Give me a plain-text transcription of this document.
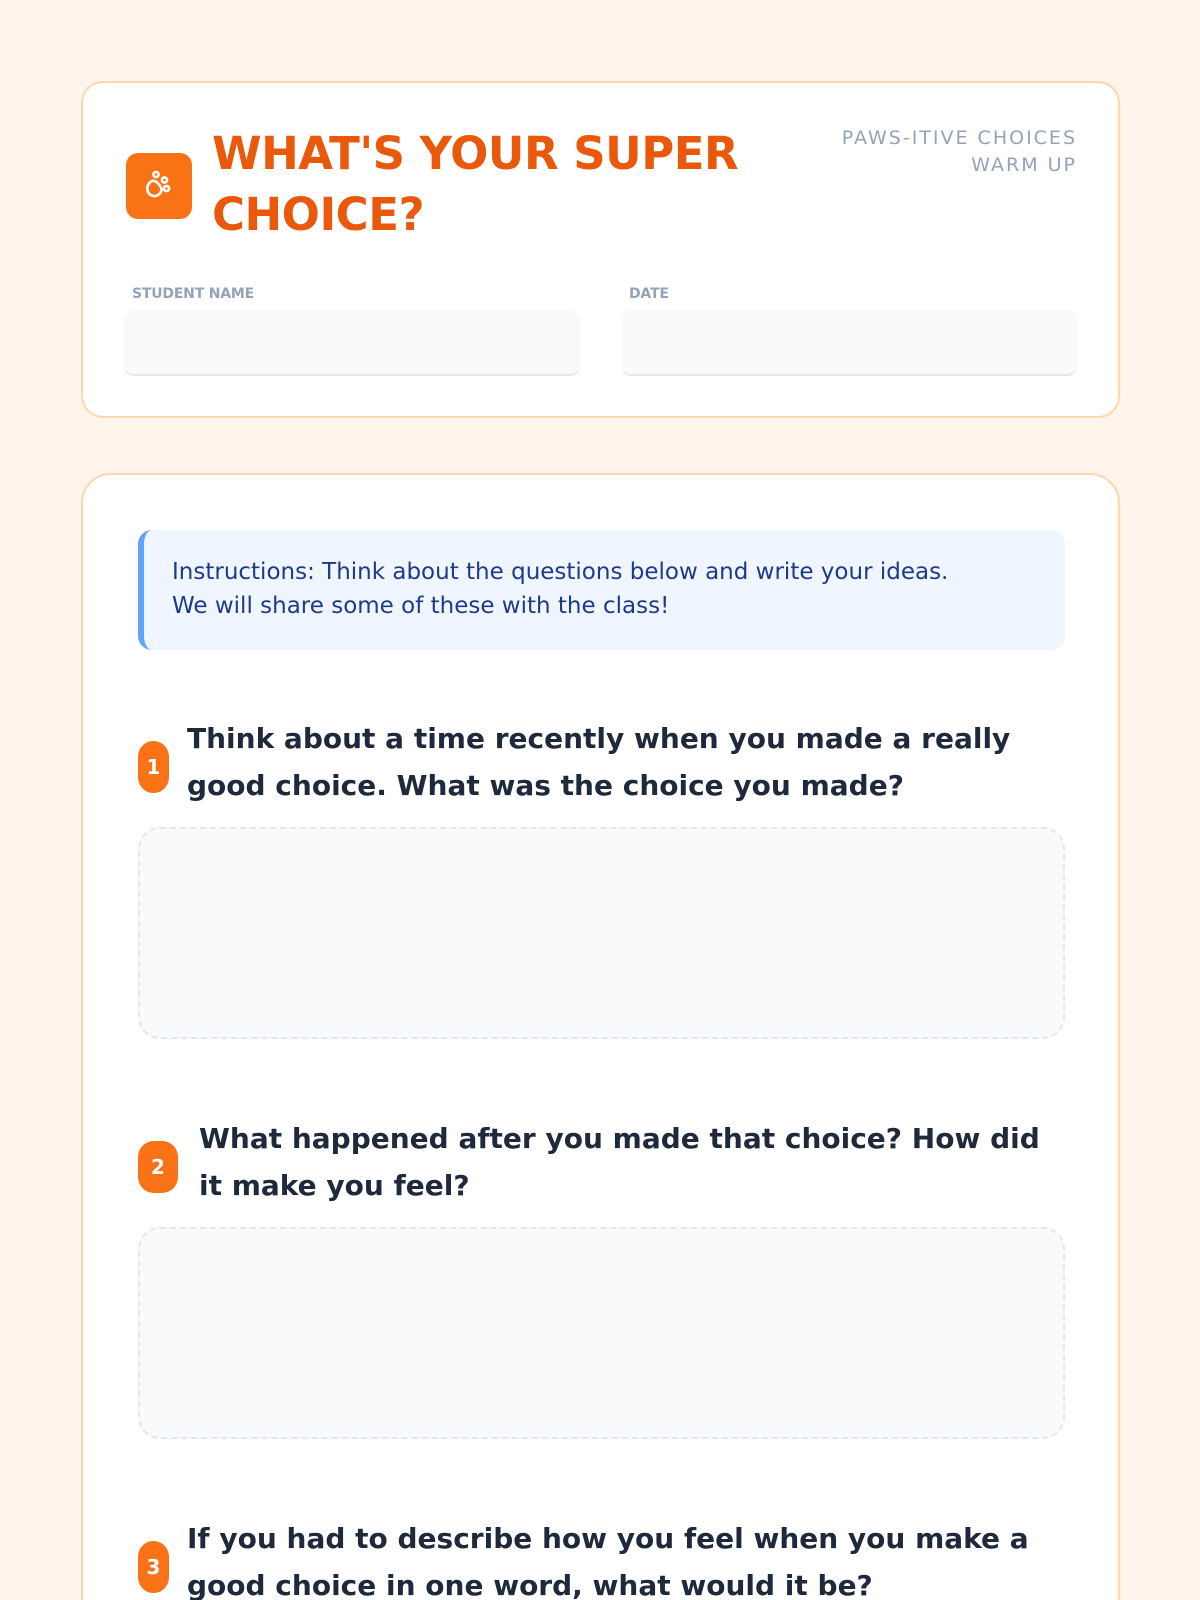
WHAT'S YOUR SUPER CHOICE?
PAWS-ITIVE CHOICES
WARM UP
STUDENT NAME	DATE
Instructions: Think about the questions below and write your ideas.
We will share some of these with the class!
1
Think about a time recently when you made a really good choice. What was the choice you made?
2
What happened after you made that choice? How did it make you feel?
3
If you had to describe how you feel when you make a good choice in one word, what would it be?
